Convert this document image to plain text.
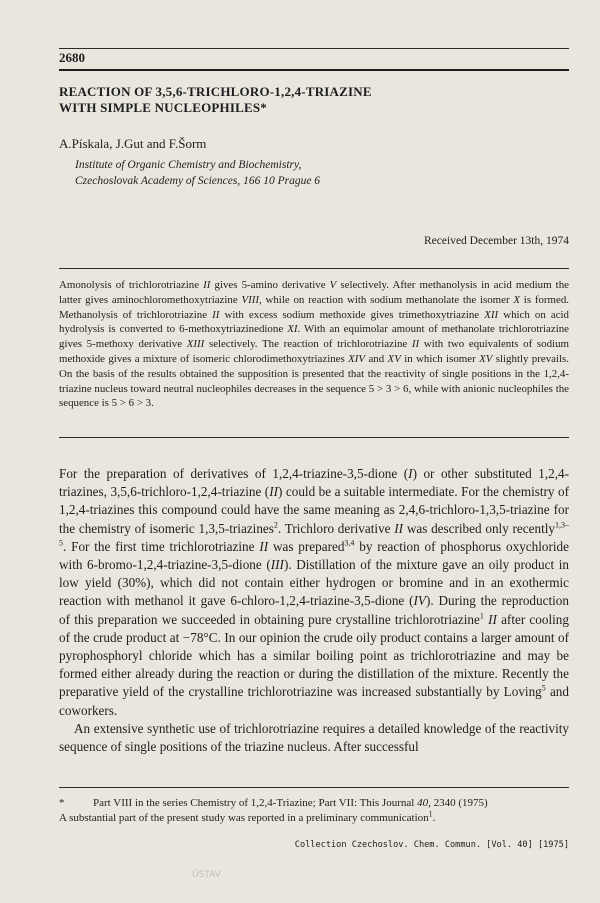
2680
REACTION OF 3,5,6-TRICHLORO-1,2,4-TRIAZINE
WITH SIMPLE NUCLEOPHILES*
A.Pískala, J.Gut and F.Šorm
Institute of Organic Chemistry and Biochemistry,
Czechoslovak Academy of Sciences, 166 10 Prague 6
Received December 13th, 1974
Amonolysis of trichlorotriazine II gives 5-amino derivative V selectively. After methanolysis in acid medium the latter gives aminochloromethoxytriazine VIII, while on reaction with sodium methanolate the isomer X is formed. Methanolysis of trichlorotriazine II with excess sodium methoxide gives trimethoxytriazine XII which on acid hydrolysis is converted to 6-methoxytriazinedione XI. With an equimolar amount of methanolate trichlorotriazine gives 5-methoxy derivative XIII selectively. The reaction of trichlorotriazine II with two equivalents of sodium methoxide gives a mixture of isomeric chlorodimethoxytriazines XIV and XV in which isomer XV slightly prevails. On the basis of the results obtained the supposition is presented that the reactivity of single positions in the 1,2,4-triazine nucleus toward neutral nucleophiles decreases in the sequence 5 > 3 > 6, while with anionic nucleophiles the sequence is 5 > 6 > 3.

For the preparation of derivatives of 1,2,4-triazine-3,5-dione (I) or other substituted 1,2,4-triazines, 3,5,6-trichloro-1,2,4-triazine (II) could be a suitable intermediate. For the chemistry of 1,2,4-triazines this compound could have the same meaning as 2,4,6-trichloro-1,3,5-triazine for the chemistry of isomeric 1,3,5-triazines$^2$. Trichloro derivative II was described only recently$^{1,3-5}$. For the first time trichlorotriazine II was prepared$^{3,4}$ by reaction of phosphorus oxychloride with 6-bromo-1,2,4-triazine-3,5-dione (III). Distillation of the mixture gave an oily product in low yield (30%), which did not contain either hydrogen or bromine and in an exothermic reaction with methanol it gave 6-chloro-1,2,4-triazine-3,5-dione (IV). During the reproduction of this preparation we succeeded in obtaining pure crystalline trichlorotriazine$^1$ II after cooling of the crude product at −78°C. In our opinion the crude oily product contains a larger amount of pyrophosphoryl chloride which has a similar boiling point as trichlorotriazine and may be formed either already during the reaction or during the distillation of the mixture. Recently the preparative yield of the crystalline trichlorotriazine was increased substantially by Loving$^5$ and coworkers.

An extensive synthetic use of trichlorotriazine requires a detailed knowledge of the reactivity sequence of single positions of the triazine nucleus. After successful

*	Part VIII in the series Chemistry of 1,2,4-Triazine; Part VII: This Journal 40, 2340 (1975)
A substantial part of the present study was reported in a preliminary communication$^1$.
Collection Czechoslov. Chem. Commun. [Vol. 40] [1975]
ÜSTAV
